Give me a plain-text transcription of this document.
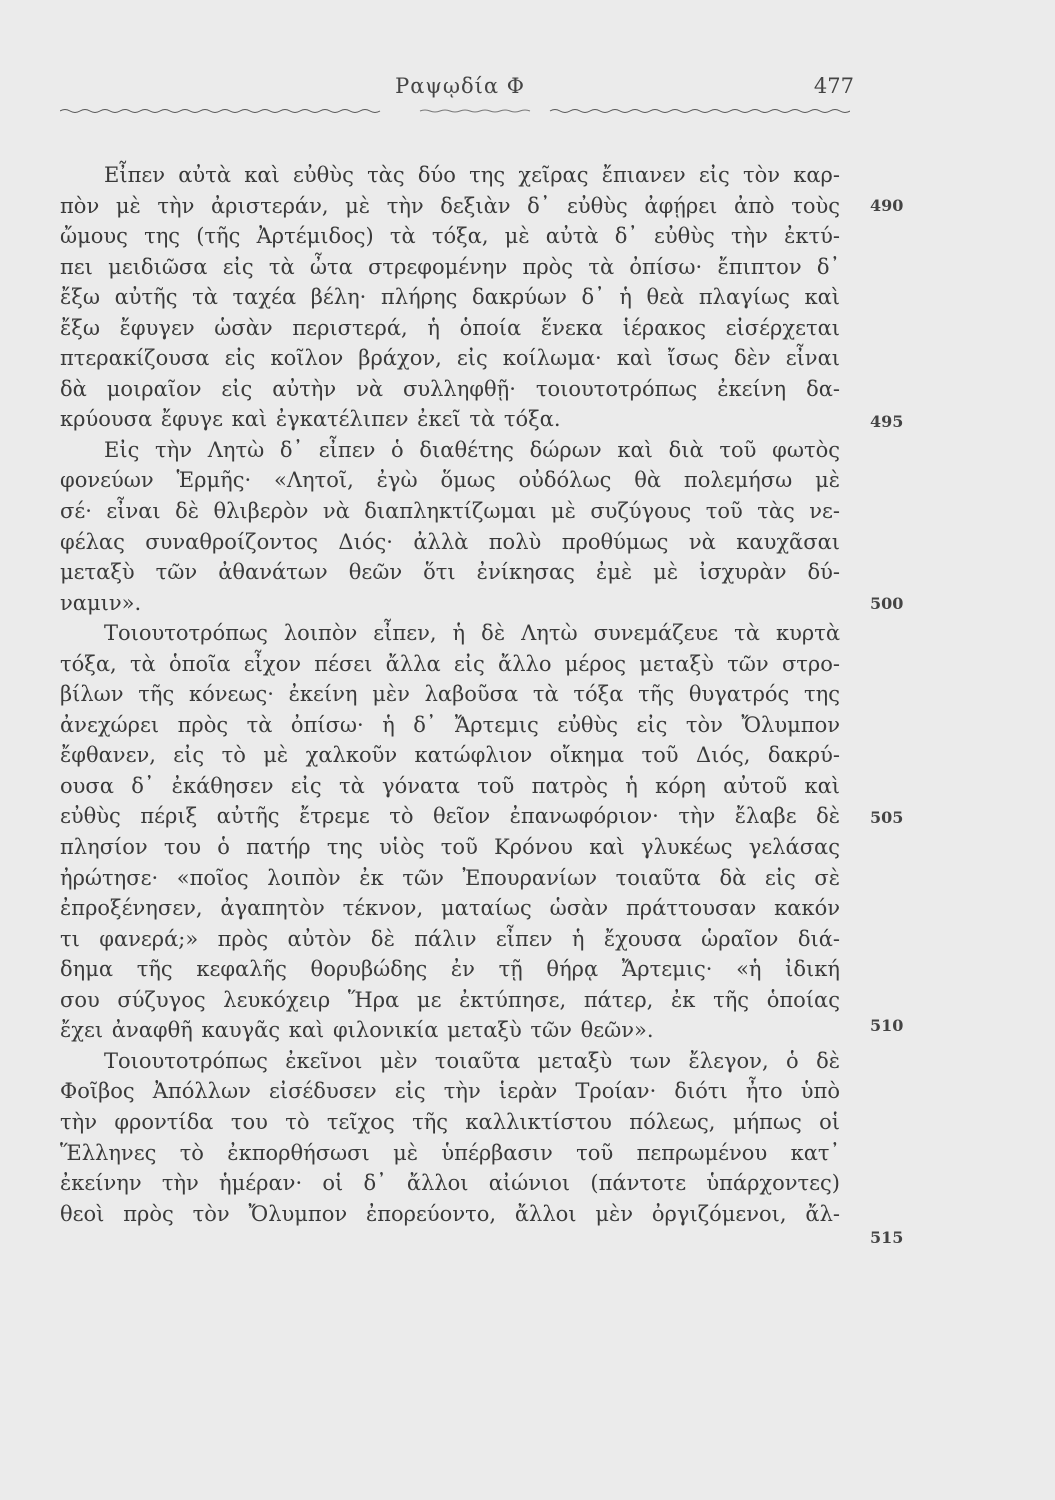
Ραψῳδία Φ	477
Εἶπεν αὐτὰ καὶ εὐθὺς τὰς δύο της χεῖρας ἔπιανεν εἰς τὸν καρ-
πὸν μὲ τὴν ἀριστεράν, μὲ τὴν δεξιὰν δ᾽ εὐθὺς ἀφῄρει ἀπὸ τοὺς
ὤμους της (τῆς Ἀρτέμιδος) τὰ τόξα, μὲ αὐτὰ δ᾽ εὐθὺς τὴν ἐκτύ-
πει μειδιῶσα εἰς τὰ ὦτα στρεφομένην πρὸς τὰ ὀπίσω· ἔπιπτον δ᾽
ἔξω αὐτῆς τὰ ταχέα βέλη· πλήρης δακρύων δ᾽ ἡ θεὰ πλαγίως καὶ
ἔξω ἔφυγεν ὡσὰν περιστερά, ἡ ὁποία ἕνεκα ἱέρακος εἰσέρχεται
πτερακίζουσα εἰς κοῖλον βράχον, εἰς κοίλωμα· καὶ ἴσως δὲν εἶναι
δὰ μοιραῖον εἰς αὐτὴν νὰ συλληφθῇ· τοιουτοτρόπως ἐκείνη δα-
κρύουσα ἔφυγε καὶ ἐγκατέλιπεν ἐκεῖ τὰ τόξα.
Εἰς τὴν Λητὼ δ᾽ εἶπεν ὁ διαθέτης δώρων καὶ διὰ τοῦ φωτὸς
φονεύων Ἑρμῆς· «Λητοῖ, ἐγὼ ὅμως οὐδόλως θὰ πολεμήσω μὲ
σέ· εἶναι δὲ θλιβερὸν νὰ διαπληκτίζωμαι μὲ συζύγους τοῦ τὰς νε-
φέλας συναθροίζοντος Διός· ἀλλὰ πολὺ προθύμως νὰ καυχᾶσαι
μεταξὺ τῶν ἀθανάτων θεῶν ὅτι ἐνίκησας ἐμὲ μὲ ἰσχυρὰν δύ-
ναμιν».
Τοιουτοτρόπως λοιπὸν εἶπεν, ἡ δὲ Λητὼ συνεμάζευε τὰ κυρτὰ
τόξα, τὰ ὁποῖα εἶχον πέσει ἄλλα εἰς ἄλλο μέρος μεταξὺ τῶν στρο-
βίλων τῆς κόνεως· ἐκείνη μὲν λαβοῦσα τὰ τόξα τῆς θυγατρός της
ἀνεχώρει πρὸς τὰ ὀπίσω· ἡ δ᾽ Ἄρτεμις εὐθὺς εἰς τὸν Ὄλυμπον
ἔφθανεν, εἰς τὸ μὲ χαλκοῦν κατώφλιον οἴκημα τοῦ Διός, δακρύ-
ουσα δ᾽ ἐκάθησεν εἰς τὰ γόνατα τοῦ πατρὸς ἡ κόρη αὐτοῦ καὶ
εὐθὺς πέριξ αὐτῆς ἔτρεμε τὸ θεῖον ἐπανωφόριον· τὴν ἔλαβε δὲ
πλησίον του ὁ πατήρ της υἱὸς τοῦ Κρόνου καὶ γλυκέως γελάσας
ἠρώτησε· «ποῖος λοιπὸν ἐκ τῶν Ἐπουρανίων τοιαῦτα δὰ εἰς σὲ
ἐπροξένησεν, ἀγαπητὸν τέκνον, ματαίως ὡσὰν πράττουσαν κακόν
τι φανερά;» πρὸς αὐτὸν δὲ πάλιν εἶπεν ἡ ἔχουσα ὡραῖον διά-
δημα τῆς κεφαλῆς θορυβώδης ἐν τῇ θήρᾳ Ἄρτεμις· «ἡ ἰδική
σου σύζυγος λευκόχειρ Ἥρα με ἐκτύπησε, πάτερ, ἐκ τῆς ὁποίας
ἔχει ἀναφθῆ καυγᾶς καὶ φιλονικία μεταξὺ τῶν θεῶν».
Τοιουτοτρόπως ἐκεῖνοι μὲν τοιαῦτα μεταξὺ των ἔλεγον, ὁ δὲ
Φοῖβος Ἀπόλλων εἰσέδυσεν εἰς τὴν ἱερὰν Τροίαν· διότι ἦτο ὑπὸ
τὴν φροντίδα του τὸ τεῖχος τῆς καλλικτίστου πόλεως, μήπως οἱ
Ἕλληνες τὸ ἐκπορθήσωσι μὲ ὑπέρβασιν τοῦ πεπρωμένου κατ᾽
ἐκείνην τὴν ἡμέραν· οἱ δ᾽ ἄλλοι αἰώνιοι (πάντοτε ὑπάρχοντες)
θεοὶ πρὸς τὸν Ὄλυμπον ἐπορεύοντο, ἄλλοι μὲν ὀργιζόμενοι, ἄλ-
490
495
500
505
510
515
